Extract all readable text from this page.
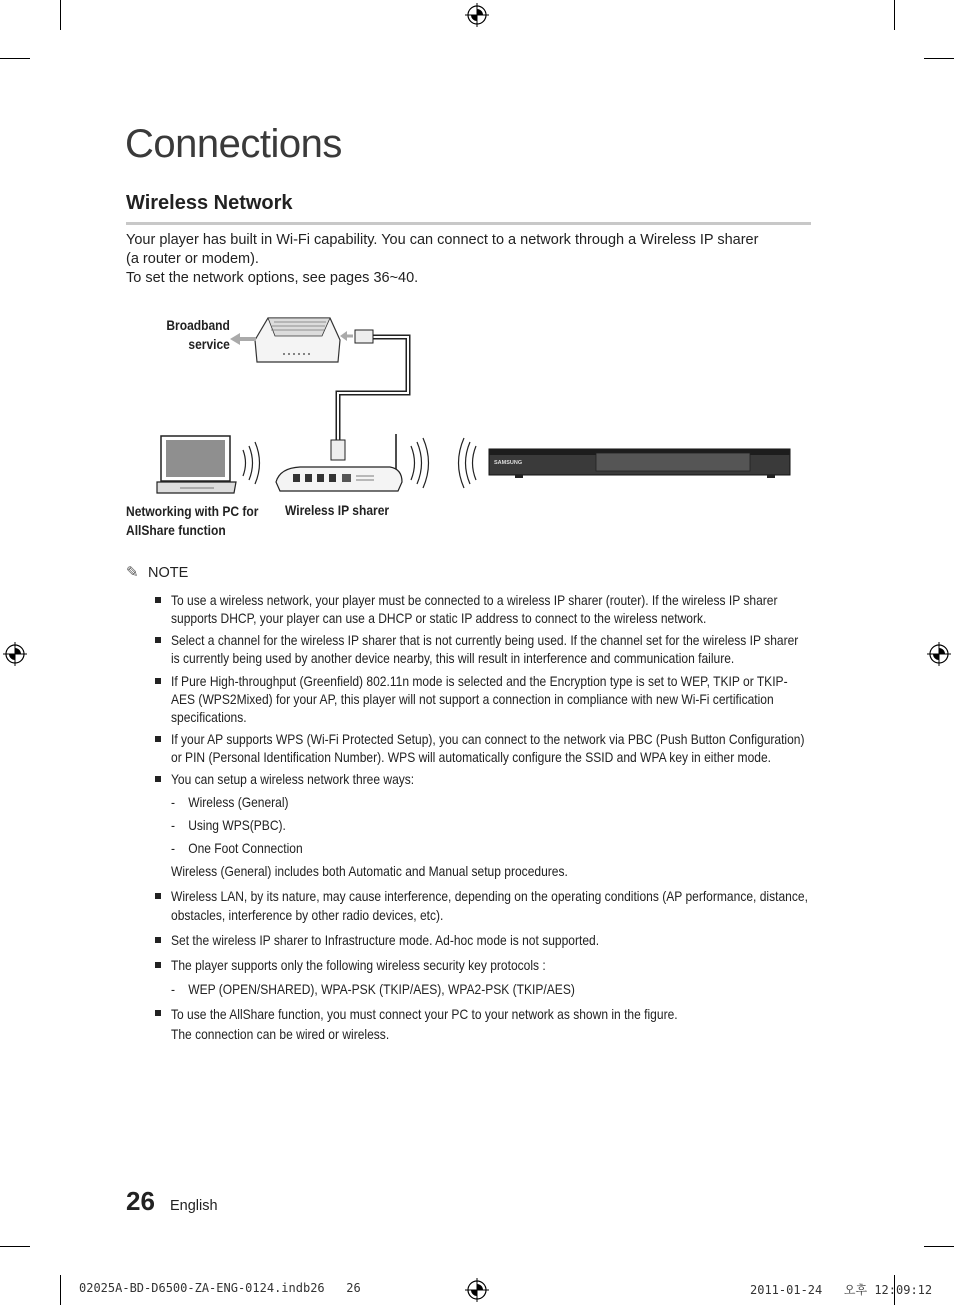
Connections
Wireless Network
Your player has built in Wi-Fi capability. You can connect to a network through a Wireless IP sharer
(a router or modem).
To set the network options, see pages 36~40.
SAMSUNG
Broadband
service
Networking with PC for
AllShare function
Wireless IP sharer
✎ NOTE
To use a wireless network, your player must be connected to a wireless IP sharer (router). If the wireless IP sharer
supports DHCP, your player can use a DHCP or static IP address to connect to the wireless network.
Select a channel for the wireless IP sharer that is not currently being used. If the channel set for the wireless IP sharer
is currently being used by another device nearby, this will result in interference and communication failure.
If Pure High-throughput (Greenfield) 802.11n mode is selected and the Encryption type is set to WEP, TKIP or TKIP-
AES (WPS2Mixed) for your AP, this player will not support a connection in compliance with new Wi-Fi certification
specifications.
If your AP supports WPS (Wi-Fi Protected Setup), you can connect to the network via PBC (Push Button Configuration)
or PIN (Personal Identification Number). WPS will automatically configure the SSID and WPA key in either mode.
You can setup a wireless network three ways:
- Wireless (General)
- Using WPS(PBC).
- One Foot Connection
Wireless (General) includes both Automatic and Manual setup procedures.
Wireless LAN, by its nature, may cause interference, depending on the operating conditions (AP performance, distance,
obstacles, interference by other radio devices, etc).
Set the wireless IP sharer to Infrastructure mode. Ad-hoc mode is not supported.
The player supports only the following wireless security key protocols :
- WEP (OPEN/SHARED), WPA-PSK (TKIP/AES), WPA2-PSK (TKIP/AES)
To use the AllShare function, you must connect your PC to your network as shown in the figure.
The connection can be wired or wireless.
26 English
02025A-BD-D6500-ZA-ENG-0124.indb26   26	2011-01-24   오후 12:09:12
